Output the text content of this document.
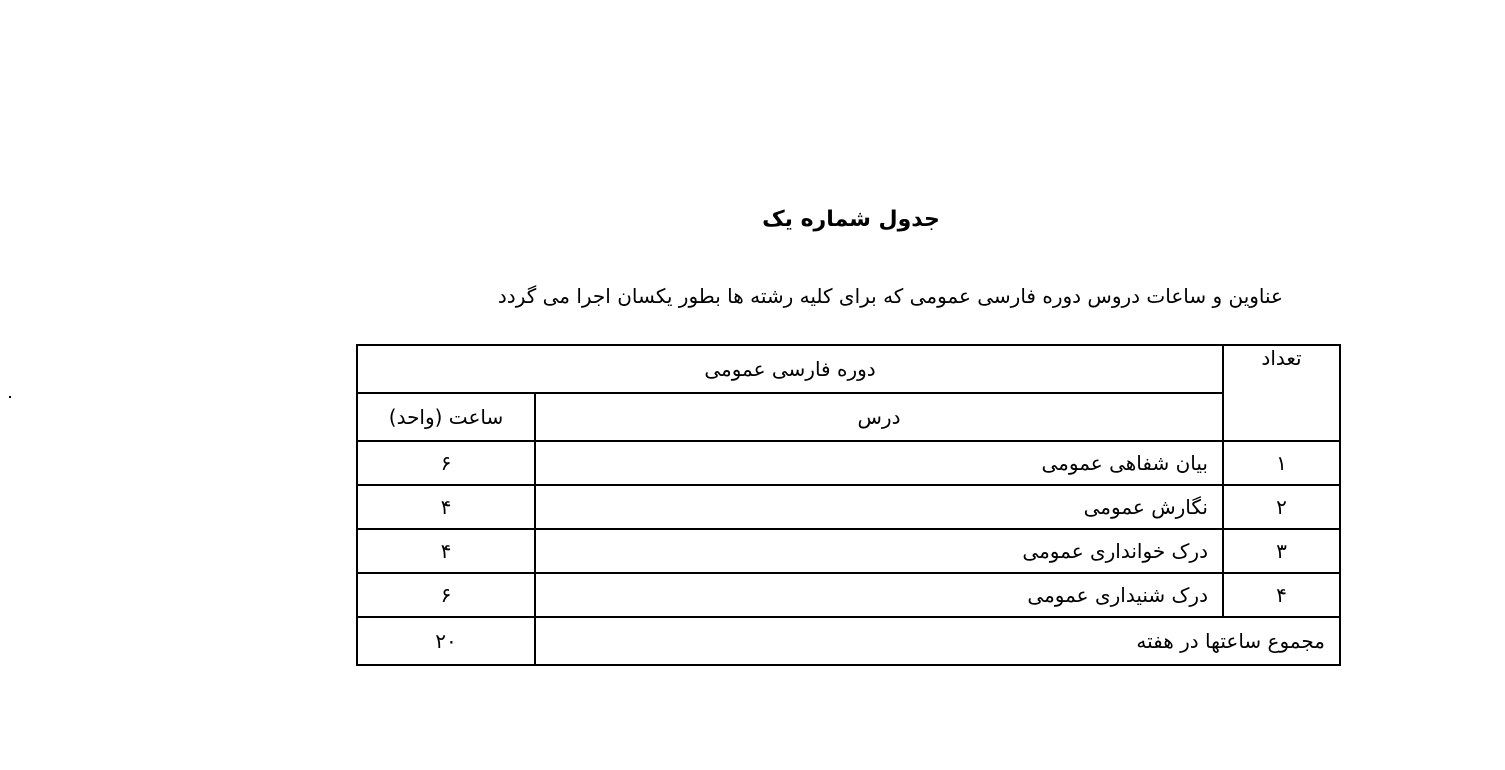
جدول شماره یک
عناوین و ساعات دروس دوره فارسی عمومی که برای کلیه رشته ها بطور یکسان اجرا می گردد
تعداد	دوره فارسی عمومی	
	درس	ساعت (واحد)
۱	بیان شفاهی عمومی	۶
۲	نگارش عمومی	۴
۳	درک خوانداری عمومی	۴
۴	درک شنیداری عمومی	۶
مجموع ساعتها در هفته		۲۰
